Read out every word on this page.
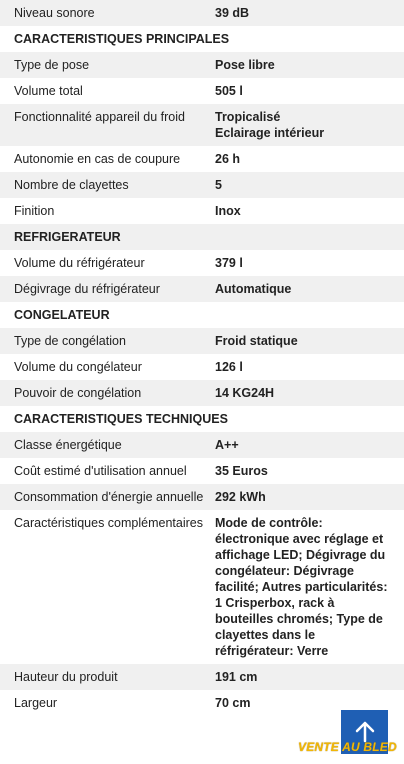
Niveau sonore	39 dB
CARACTERISTIQUES PRINCIPALES
Type de pose	Pose libre
Volume total	505 l
Fonctionnalité appareil du froid	Tropicalisé
Eclairage intérieur
Autonomie en cas de coupure	26 h
Nombre de clayettes	5
Finition	Inox
REFRIGERATEUR
Volume du réfrigérateur	379 l
Dégivrage du réfrigérateur	Automatique
CONGELATEUR
Type de congélation	Froid statique
Volume du congélateur	126 l
Pouvoir de congélation	14 KG24H
CARACTERISTIQUES TECHNIQUES
Classe énergétique	A++
Coût estimé d'utilisation annuel	35 Euros
Consommation d'énergie annuelle 292 kWh
Caractéristiques complémentaires Mode de contrôle: électronique avec réglage et affichage LED; Dégivrage du congélateur: Dégivrage facilité; Autres particularités: 1 Crisperbox, rack à bouteilles chromés; Type de clayettes dans le réfrigérateur: Verre
Hauteur du produit	191 cm
Largeur	70 cm
VENTE AU BLED
